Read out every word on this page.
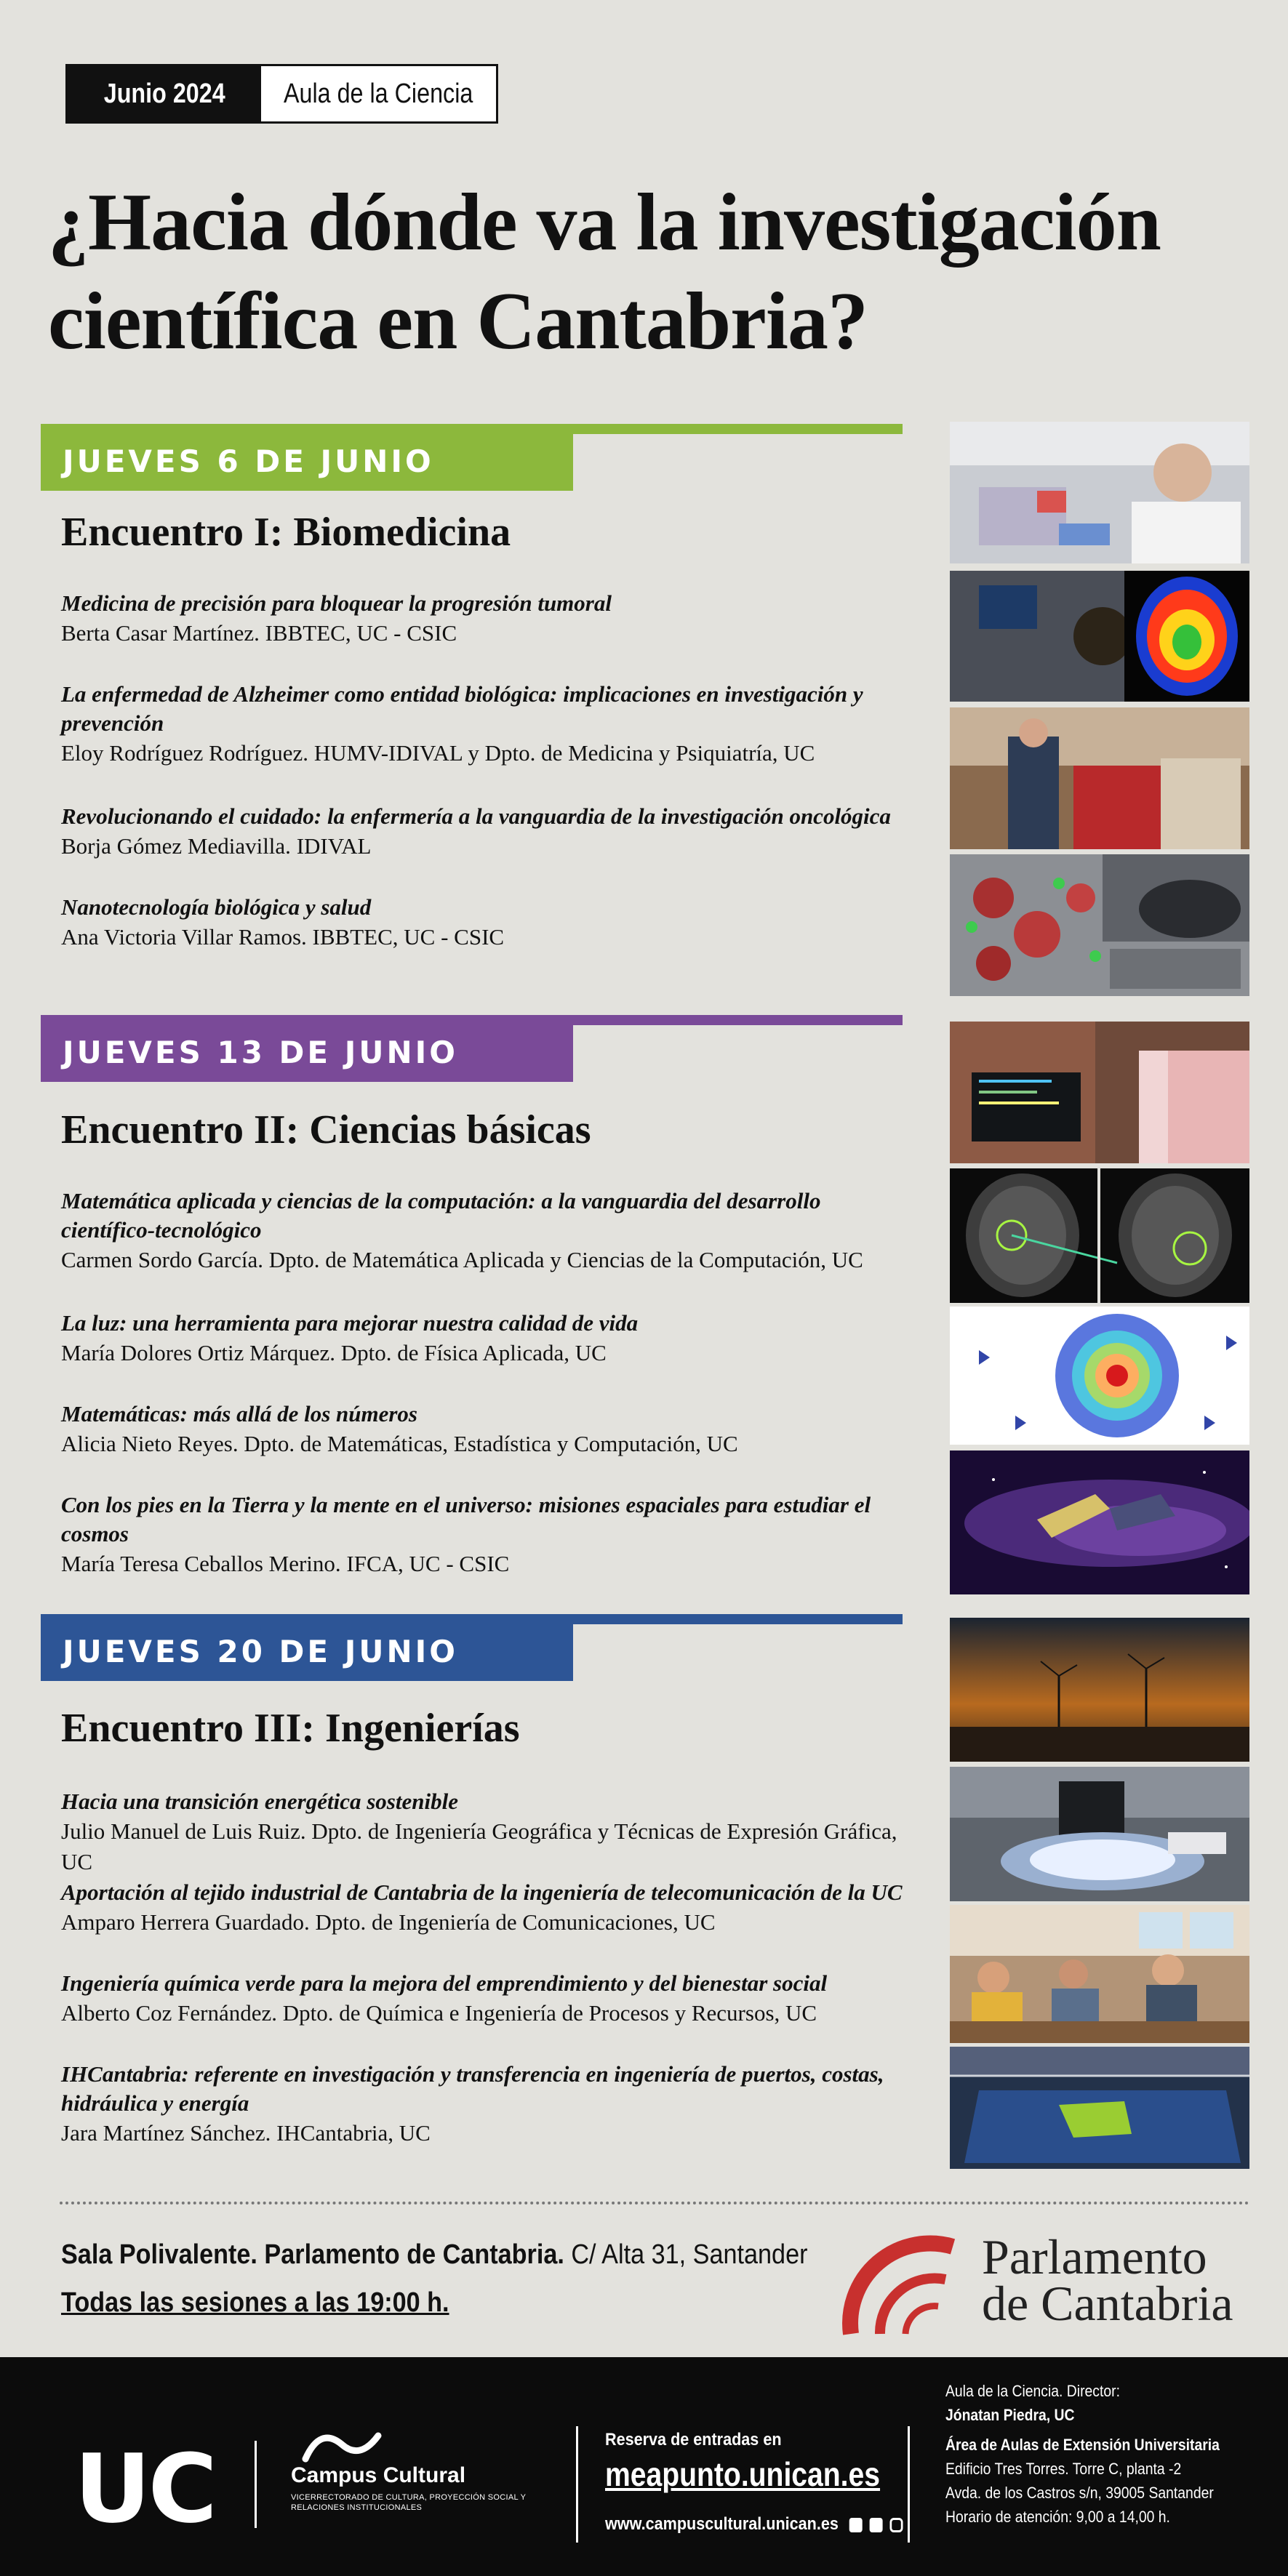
Junio 2024 Aula de la Ciencia
¿Hacia dónde va la investigación
científica en Cantabria?
JUEVES 6 DE JUNIO
Encuentro I: Biomedicina
Medicina de precisión para bloquear la progresión tumoral
Berta Casar Martínez. IBBTEC, UC - CSIC
La enfermedad de Alzheimer como entidad biológica: implicaciones en investigación y prevención
Eloy Rodríguez Rodríguez. HUMV-IDIVAL y Dpto. de Medicina y Psiquiatría, UC
Revolucionando el cuidado: la enfermería a la vanguardia de la investigación oncológica
Borja Gómez Mediavilla. IDIVAL
Nanotecnología biológica y salud
Ana Victoria Villar Ramos. IBBTEC, UC - CSIC
JUEVES 13 DE JUNIO
Encuentro II: Ciencias básicas
Matemática aplicada y ciencias de la computación: a la vanguardia del desarrollo científico-tecnológico
Carmen Sordo García. Dpto. de Matemática Aplicada y Ciencias de la Computación, UC
La luz: una herramienta para mejorar nuestra calidad de vida
María Dolores Ortiz Márquez. Dpto. de Física Aplicada, UC
Matemáticas: más allá de los números
Alicia Nieto Reyes. Dpto. de Matemáticas, Estadística y Computación, UC
Con los pies en la Tierra y la mente en el universo: misiones espaciales para estudiar el cosmos
María Teresa Ceballos Merino. IFCA, UC - CSIC
JUEVES 20 DE JUNIO
Encuentro III: Ingenierías
Hacia una transición energética sostenible
Julio Manuel de Luis Ruiz. Dpto. de Ingeniería Geográfica y Técnicas de Expresión Gráfica, UC
Aportación al tejido industrial de Cantabria de la ingeniería de telecomunicación de la UC
Amparo Herrera Guardado. Dpto. de Ingeniería de Comunicaciones, UC
Ingeniería química verde para la mejora del emprendimiento y del bienestar social
Alberto Coz Fernández. Dpto. de Química e Ingeniería de Procesos y Recursos, UC
IHCantabria: referente en investigación y transferencia en ingeniería de puertos, costas, hidráulica y energía
Jara Martínez Sánchez. IHCantabria, UC
Sala Polivalente. Parlamento de Cantabria. C/ Alta 31, Santander
Todas las sesiones a las 19:00 h.
Parlamento
de Cantabria
UC	Campus Cultural
VICERRECTORADO DE CULTURA, PROYECCIÓN SOCIAL Y RELACIONES INSTITUCIONALES
Reserva de entradas en
meapunto.unican.es
www.campuscultural.unican.es
Aula de la Ciencia. Director:
Jónatan Piedra, UC
Área de Aulas de Extensión Universitaria
Edificio Tres Torres. Torre C, planta -2
Avda. de los Castros s/n, 39005 Santander
Horario de atención: 9,00 a 14,00 h.
